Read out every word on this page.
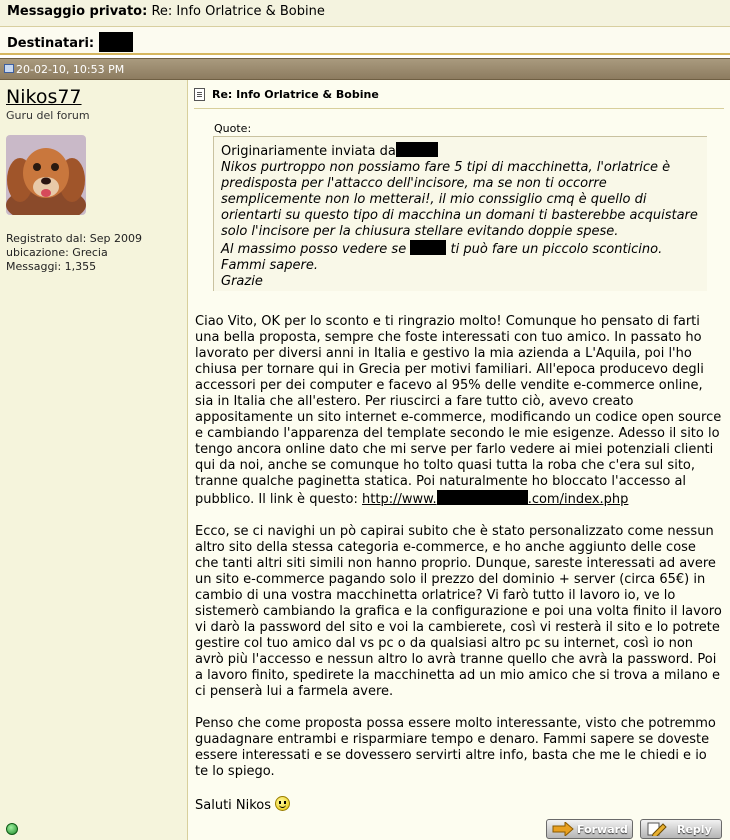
Messaggio privato: Re: Info Orlatrice & Bobine
Destinatari:
20-02-10, 10:53 PM
Nikos77
Guru del forum
Registrato dal: Sep 2009
ubicazione: Grecia
Messaggi: 1,355
Re: Info Orlatrice & Bobine
Quote:
Originariamente inviata da
Nikos purtroppo non possiamo fare 5 tipi di macchinetta, l'orlatrice è predisposta per l'attacco dell'incisore, ma se non ti occorre semplicemente non lo metterai!, il mio conssiglio cmq è quello di orientarti su questo tipo di macchina un domani ti basterebbe acquistare solo l'incisore per la chiusura stellare evitando doppie spese.
Al massimo posso vedere se	ti può fare un piccolo sconticino.
Fammi sapere.
Grazie

Ciao Vito, OK per lo sconto e ti ringrazio molto! Comunque ho pensato di farti una bella proposta, sempre che foste interessati con tuo amico. In passato ho lavorato per diversi anni in Italia e gestivo la mia azienda a L'Aquila, poi l'ho chiusa per tornare qui in Grecia per motivi familiari. All'epoca producevo degli accessori per dei computer e facevo al 95% delle vendite e-commerce online, sia in Italia che all'estero. Per riuscirci a fare tutto ciò, avevo creato appositamente un sito internet e-commerce, modificando un codice open source e cambiando l'apparenza del template secondo le mie esigenze. Adesso il sito lo tengo ancora online dato che mi serve per farlo vedere ai miei potenziali clienti qui da noi, anche se comunque ho tolto quasi tutta la roba che c'era sul sito, tranne qualche paginetta statica. Poi naturalmente ho bloccato l'accesso al pubblico. Il link è questo: http://www.	.com/index.php

Ecco, se ci navighi un pò capirai subito che è stato personalizzato come nessun altro sito della stessa categoria e-commerce, e ho anche aggiunto delle cose che tanti altri siti simili non hanno proprio. Dunque, sareste interessati ad avere un sito e-commerce pagando solo il prezzo del dominio + server (circa 65€) in cambio di una vostra macchinetta orlatrice? Vi farò tutto il lavoro io, ve lo sistemerò cambiando la grafica e la configurazione e poi una volta finito il lavoro vi darò la password del sito e voi la cambierete, così vi resterà il sito e lo potrete gestire col tuo amico dal vs pc o da qualsiasi altro pc su internet, così io non avrò più l'accesso e nessun altro lo avrà tranne quello che avrà la password. Poi a lavoro finito, spedirete la macchinetta ad un mio amico che si trova a milano e ci penserà lui a farmela avere.

Penso che come proposta possa essere molto interessante, visto che potremmo guadagnare entrambi e risparmiare tempo e denaro. Fammi sapere se doveste essere interessati e se dovessero servirti altre info, basta che me le chiedi e io te lo spiego.

Saluti Nikos

Forward	Reply
